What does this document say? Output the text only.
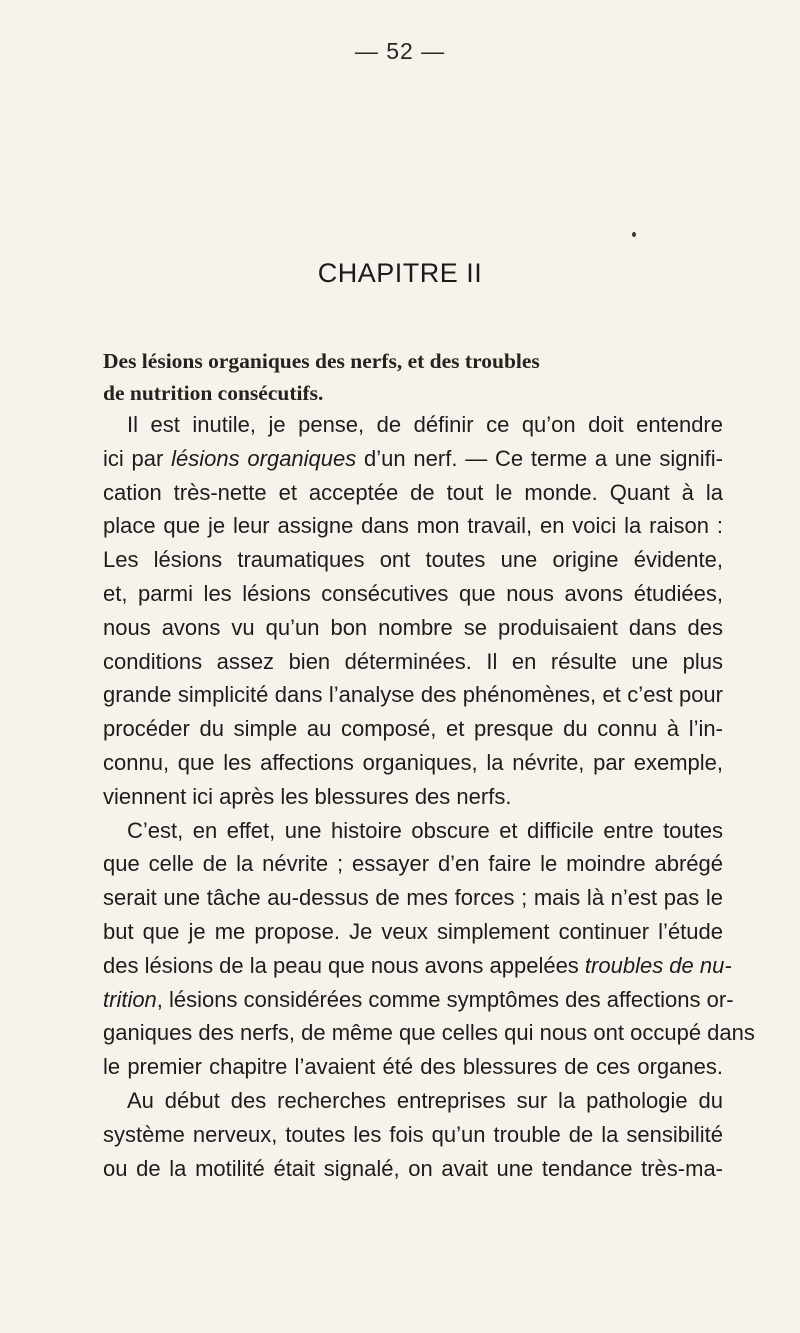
— 52 —
CHAPITRE II
Des lésions organiques des nerfs, et des troubles
de nutrition consécutifs.
Il est inutile, je pense, de définir ce qu’on doit entendre
ici par lésions organiques d’un nerf. — Ce terme a une signifi-
cation très-nette et acceptée de tout le monde. Quant à la
place que je leur assigne dans mon travail, en voici la raison :
Les lésions traumatiques ont toutes une origine évidente,
et, parmi les lésions consécutives que nous avons étudiées,
nous avons vu qu’un bon nombre se produisaient dans des
conditions assez bien déterminées. Il en résulte une plus
grande simplicité dans l’analyse des phénomènes, et c’est pour
procéder du simple au composé, et presque du connu à l’in-
connu, que les affections organiques, la névrite, par exemple,
viennent ici après les blessures des nerfs.
C’est, en effet, une histoire obscure et difficile entre toutes
que celle de la névrite ; essayer d’en faire le moindre abrégé
serait une tâche au-dessus de mes forces ; mais là n’est pas le
but que je me propose. Je veux simplement continuer l’étude
des lésions de la peau que nous avons appelées troubles de nu-
trition, lésions considérées comme symptômes des affections or-
ganiques des nerfs, de même que celles qui nous ont occupé dans
le premier chapitre l’avaient été des blessures de ces organes.
Au début des recherches entreprises sur la pathologie du
système nerveux, toutes les fois qu’un trouble de la sensibilité
ou de la motilité était signalé, on avait une tendance très-ma-
